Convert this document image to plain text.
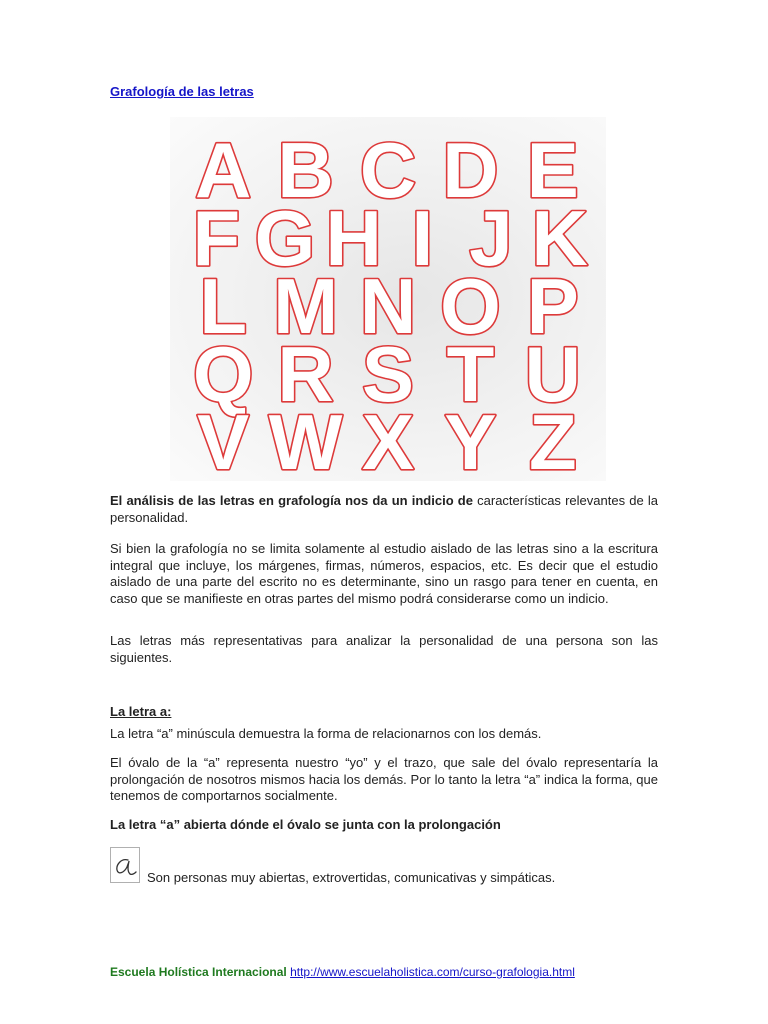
Grafología de las letras
A B C D E
F G H I J K
L M N O P
Q R S T U
V W X Y Z
El análisis de las letras en grafología nos da un indicio de características relevantes de la personalidad.
Si bien la grafología no se limita solamente al estudio aislado de las letras sino a la escritura integral que incluye, los márgenes, firmas, números, espacios, etc. Es decir que el estudio aislado de una parte del escrito no es determinante, sino un rasgo para tener en cuenta, en caso que se manifieste en otras partes del mismo podrá considerarse como un indicio.
Las letras más representativas para analizar la personalidad de una persona son las siguientes.
La letra a:
La letra “a” minúscula demuestra la forma de relacionarnos con los demás.
El óvalo de la “a” representa nuestro “yo” y el trazo, que sale del óvalo representaría la prolongación de nosotros mismos hacia los demás. Por lo tanto la letra “a” indica la forma, que tenemos de comportarnos socialmente.
La letra “a” abierta dónde el óvalo se junta con la prolongación
Son personas muy abiertas, extrovertidas, comunicativas y simpáticas.
Escuela Holística Internacional http://www.escuelaholistica.com/curso-grafologia.html
